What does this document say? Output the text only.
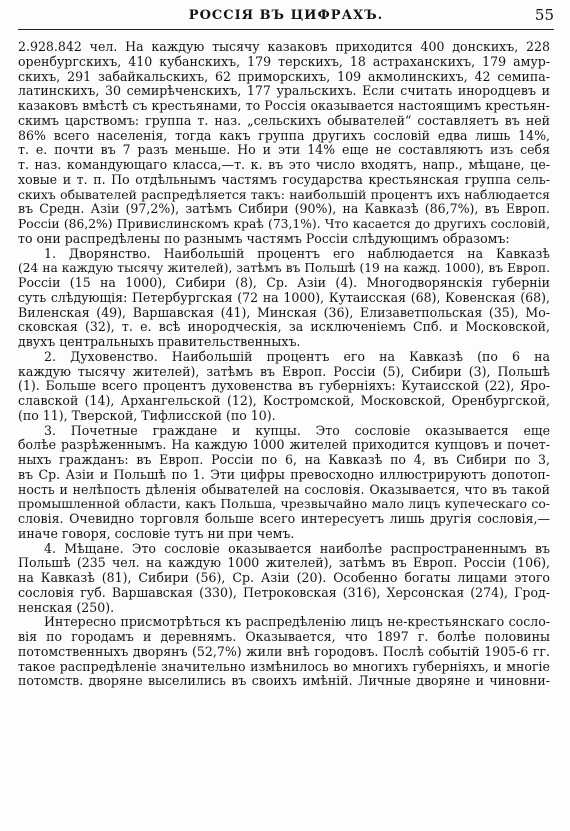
РОССІЯ ВЪ ЦИФРАХЪ.	55
2.928.842 чел. На каждую тысячу казаковъ приходится 400 донскихъ, 228
оренбургскихъ, 410 кубанскихъ, 179 терскихъ, 18 астраханскихъ, 179 амур-
скихъ, 291 забайкальскихъ, 62 приморскихъ, 109 акмолинскихъ, 42 семипа-
латинскихъ, 30 семирѣченскихъ, 177 уральскихъ. Если считать инородцевъ и
казаковъ вмѣстѣ съ крестьянами, то Россія оказывается настоящимъ крестьян-
скимъ царствомъ: группа т. наз. „сельскихъ обывателей“ составляетъ въ ней
86% всего населенія, тогда какъ группа другихъ сословій едва лишь 14%,
т. е. почти въ 7 разъ меньше. Но и эти 14% еще не составляютъ изъ себя
т. наз. командующаго класса,—т. к. въ это число входятъ, напр., мѣщане, це-
ховые и т. п. По отдѣльнымъ частямъ государства крестьянская группа сель-
скихъ обывателей распредѣляется такъ: наибольшій процентъ ихъ наблюдается
въ Средн. Азіи (97,2%), затѣмъ Сибири (90%), на Кавказѣ (86,7%), въ Европ.
Россіи (86,2%) Привислинскомъ краѣ (73,1%). Что касается до другихъ сословій,
то они распредѣлены по разнымъ частямъ Россіи слѣдующимъ образомъ:
1. Дворянство. Наибольшій процентъ его наблюдается на Кавказѣ
(24 на каждую тысячу жителей), затѣмъ въ Польшѣ (19 на кажд. 1000), въ Европ.
Россіи (15 на 1000), Сибири (8), Ср. Азіи (4). Многодворянскія губерніи
суть слѣдующія: Петербургская (72 на 1000), Кутаисская (68), Ковенская (68),
Виленская (49), Варшавская (41), Минская (36), Елизаветпольская (35), Мо-
сковская (32), т. е. всѣ инородческія, за исключеніемъ Спб. и Московской,
двухъ центральныхъ правительственныхъ.
2. Духовенство. Наибольшій процентъ его на Кавказѣ (по 6 на
каждую тысячу жителей), затѣмъ въ Европ. Россіи (5), Сибири (3), Польшѣ
(1). Больше всего процентъ духовенства въ губерніяхъ: Кутаисской (22), Яро-
славской (14), Архангельской (12), Костромской, Московской, Оренбургской,
(по 11), Тверской, Тифлисской (по 10).
3. Почетные граждане и купцы. Это сословіе оказывается еще
болѣе разрѣженнымъ. На каждую 1000 жителей приходится купцовъ и почет-
ныхъ гражданъ: въ Европ. Россіи по 6, на Кавказѣ по 4, въ Сибири по 3,
въ Ср. Азіи и Польшѣ по 1. Эти цифры превосходно иллюстрируютъ допотоп-
ность и нелѣпость дѣленія обывателей на сословія. Оказывается, что въ такой
промышленной области, какъ Польша, чрезвычайно мало лицъ купеческаго со-
словія. Очевидно торговля больше всего интересуетъ лишь другія сословія,—
иначе говоря, сословіе тутъ ни при чемъ.
4. Мѣщане. Это сословіе оказывается наиболѣе распространеннымъ въ
Польшѣ (235 чел. на каждую 1000 жителей), затѣмъ въ Европ. Россіи (106),
на Кавказѣ (81), Сибири (56), Ср. Азіи (20). Особенно богаты лицами этого
сословія губ. Варшавская (330), Петроковская (316), Херсонская (274), Грод-
ненская (250).
Интересно присмотрѣться къ распредѣленію лицъ не-крестьянскаго сосло-
вія по городамъ и деревнямъ. Оказывается, что 1897 г. болѣе половины
потомственныхъ дворянъ (52,7%) жили внѣ городовъ. Послѣ событій 1905-6 гг.
такое распредѣленіе значительно измѣнилось во многихъ губерніяхъ, и многіе
потомств. дворяне выселились въ своихъ имѣній. Личные дворяне и чиновни-
